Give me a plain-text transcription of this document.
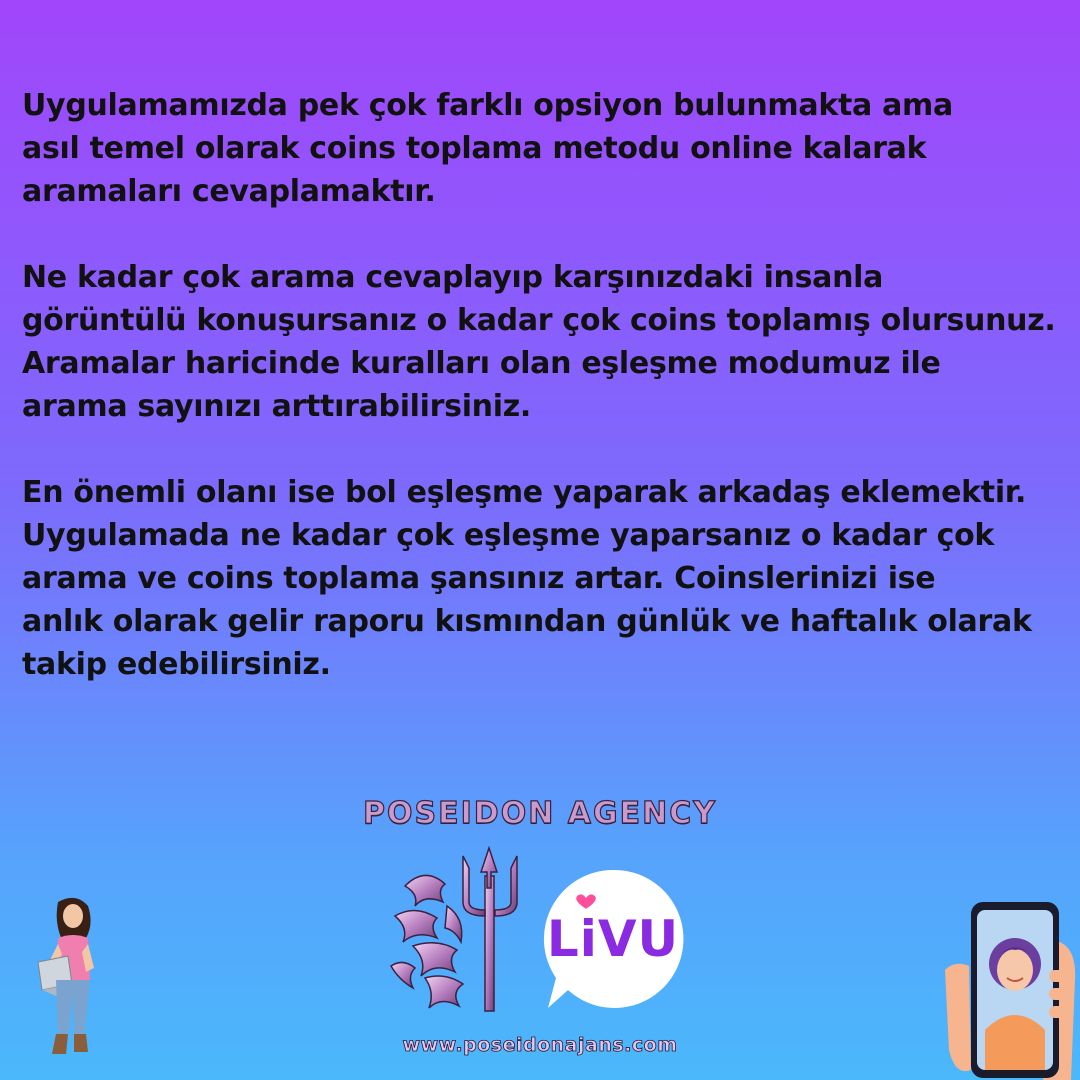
Uygulamamızda pek çok farklı opsiyon bulunmakta ama
asıl temel olarak coins toplama metodu online kalarak
aramaları cevaplamaktır.

Ne kadar çok arama cevaplayıp karşınızdaki insanla
görüntülü konuşursanız o kadar çok coins toplamış olursunuz.
Aramalar haricinde kuralları olan eşleşme modumuz ile
arama sayınızı arttırabilirsiniz.

En önemli olanı ise bol eşleşme yaparak arkadaş eklemektir.
Uygulamada ne kadar çok eşleşme yaparsanız o kadar çok
arama ve coins toplama şansınız artar. Coinslerinizi ise
anlık olarak gelir raporu kısmından günlük ve haftalık olarak
takip edebilirsiniz.

POSEIDON AGENCY
LiVU
www.poseidonajans.com
